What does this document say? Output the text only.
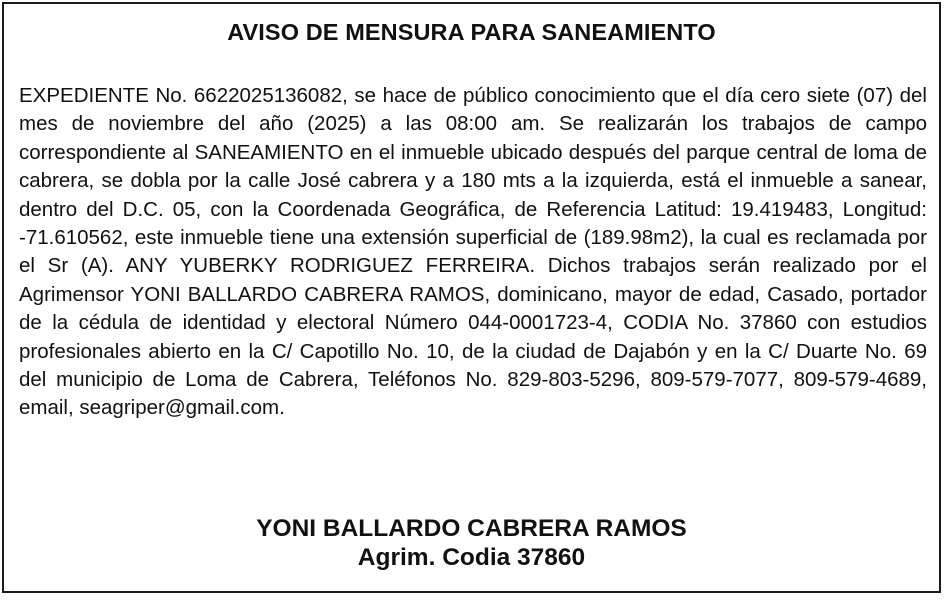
AVISO DE MENSURA PARA SANEAMIENTO

EXPEDIENTE No. 6622025136082, se hace de público conocimiento que el día cero siete (07) del mes de noviembre del año (2025) a las 08:00 am. Se realizarán los trabajos de campo correspondiente al SANEAMIENTO en el inmueble ubicado después del parque central de loma de cabrera, se dobla por la calle José cabrera y a 180 mts a la izquierda, está el inmueble a sanear, dentro del D.C. 05, con la Coordenada Geográfica, de Referencia Latitud: 19.419483, Longitud: -71.610562, este inmueble tiene una extensión superficial de (189.98m2), la cual es reclamada por el Sr (A). ANY YUBERKY RODRIGUEZ FERREIRA. Dichos trabajos serán realizado por el Agrimensor YONI BALLARDO CABRERA RAMOS, dominicano, mayor de edad, Casado, portador de la cédula de identidad y electoral Número 044-0001723-4, CODIA No. 37860 con estudios profesionales abierto en la C/ Capotillo No. 10, de la ciudad de Dajabón y en la C/ Duarte No. 69 del municipio de Loma de Cabrera, Teléfonos No. 829-803-5296, 809-579-7077, 809-579-4689, email, seagriper@gmail.com.

YONI BALLARDO CABRERA RAMOS
Agrim. Codia 37860
